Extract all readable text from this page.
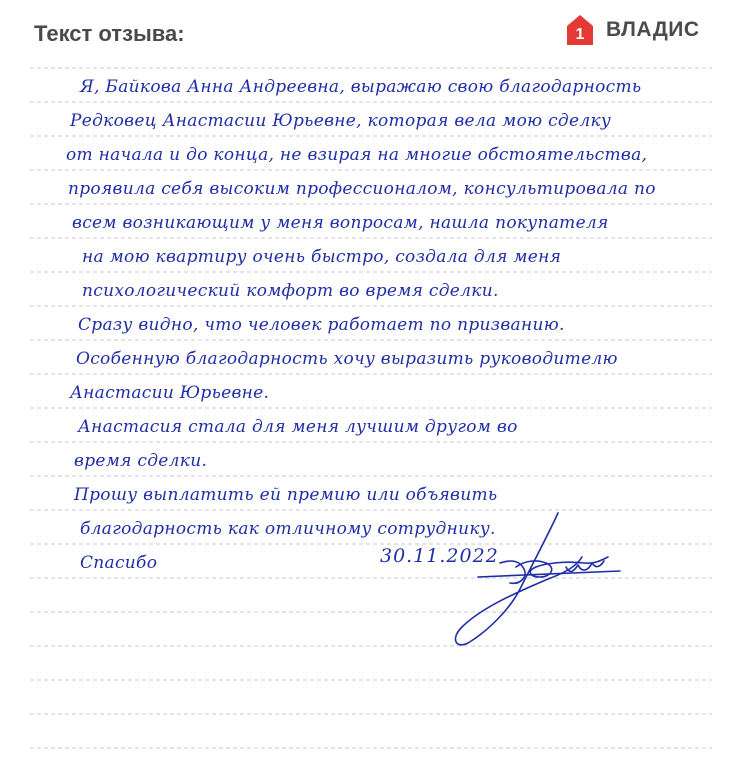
Текст отзыва:	1 ВЛАДИС

Я, Байкова Анна Андреевна, выражаю свою благодарность

Редковец Анастасии Юрьевне, которая вела мою сделку

от начала и до конца, не взирая на многие обстоятельства,

проявила себя высоким профессионалом, консультировала по

всем возникающим у меня вопросам, нашла покупателя

на мою квартиру очень быстро, создала для меня

психологический комфорт во время сделки.

Сразу видно, что человек работает по призванию.

Особенную благодарность хочу выразить руководителю

Анастасии Юрьевне.

Анастасия стала для меня лучшим другом во

время сделки.

Прошу выплатить ей премию или объявить

благодарность как отличному сотруднику.

Спасибо	30.11.2022
